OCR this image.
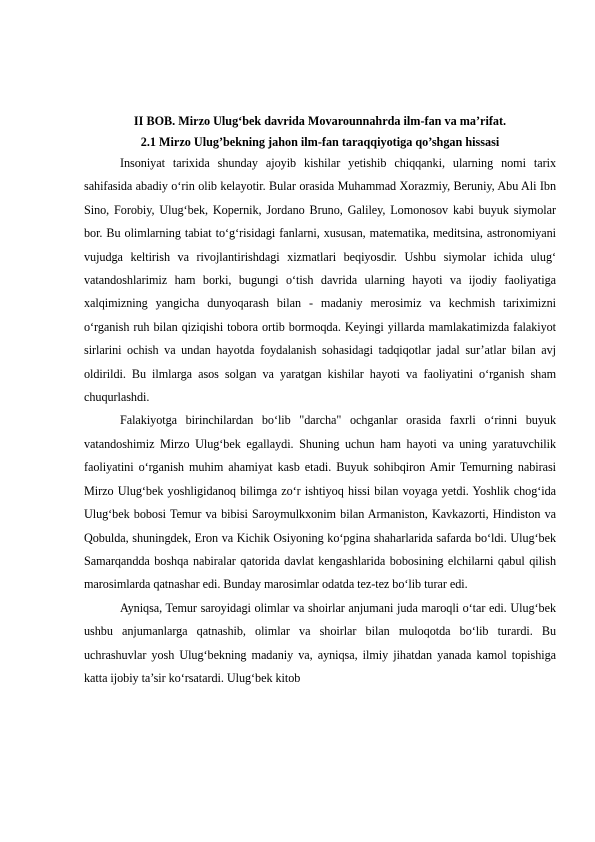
II BOB. Mirzo Ulug‘bek davrida Movarounnahrda ilm-fan va ma’rifat.
2.1 Mirzo Ulug’bekning jahon ilm-fan taraqqiyotiga qo’shgan hissasi

Insoniyat tarixida shunday ajoyib kishilar yetishib chiqqanki, ularning nomi tarix sahifasida abadiy o‘rin olib kelayotir. Bular orasida Muhammad Xorazmiy, Beruniy, Abu Ali Ibn Sino, Forobiy, Ulug‘bek, Kopernik, Jordano Bruno, Galiley, Lomonosov kabi buyuk siymolar bor. Bu olimlarning tabiat to‘g‘risidagi fanlarni, xususan, matematika, meditsina, astronomiyani vujudga keltirish va rivojlantirishdagi xizmatlari beqiyosdir. Ushbu siymolar ichida ulug‘ vatandoshlarimiz ham borki, bugungi o‘tish davrida ularning hayoti va ijodiy faoliyatiga xalqimizning yangicha dunyoqarash bilan - madaniy merosimiz va kechmish tariximizni o‘rganish ruh bilan qiziqishi tobora ortib bormoqda. Keyingi yillarda mamlakatimizda falakiyot sirlarini ochish va undan hayotda foydalanish sohasidagi tadqiqotlar jadal sur’atlar bilan avj oldirildi. Bu ilmlarga asos solgan va yaratgan kishilar hayoti va faoliyatini o‘rganish sham chuqurlashdi.

Falakiyotga birinchilardan bo‘lib "darcha" ochganlar orasida faxrli o‘rinni buyuk vatandoshimiz Mirzo Ulug‘bek egallaydi. Shuning uchun ham hayoti va uning yaratuvchilik faoliyatini o‘rganish muhim ahamiyat kasb etadi. Buyuk sohibqiron Amir Temurning nabirasi Mirzo Ulug‘bek yoshligidanoq bilimga zo‘r ishtiyoq hissi bilan voyaga yetdi. Yoshlik chog‘ida Ulug‘bek bobosi Temur va bibisi Saroymulkxonim bilan Armaniston, Kavkazorti, Hindiston va Qobulda, shuningdek, Eron va Kichik Osiyoning ko‘pgina shaharlarida safarda bo‘ldi. Ulug‘bek Samarqandda boshqa nabiralar qatorida davlat kengashlarida bobosining elchilarni qabul qilish marosimlarda qatnashar edi. Bunday marosimlar odatda tez-tez bo‘lib turar edi.

Ayniqsa, Temur saroyidagi olimlar va shoirlar anjumani juda maroqli o‘tar edi. Ulug‘bek ushbu anjumanlarga qatnashib, olimlar va shoirlar bilan muloqotda bo‘lib turardi. Bu uchrashuvlar yosh Ulug‘bekning madaniy va, ayniqsa, ilmiy jihatdan yanada kamol topishiga katta ijobiy ta’sir ko‘rsatardi. Ulug‘bek kitob
